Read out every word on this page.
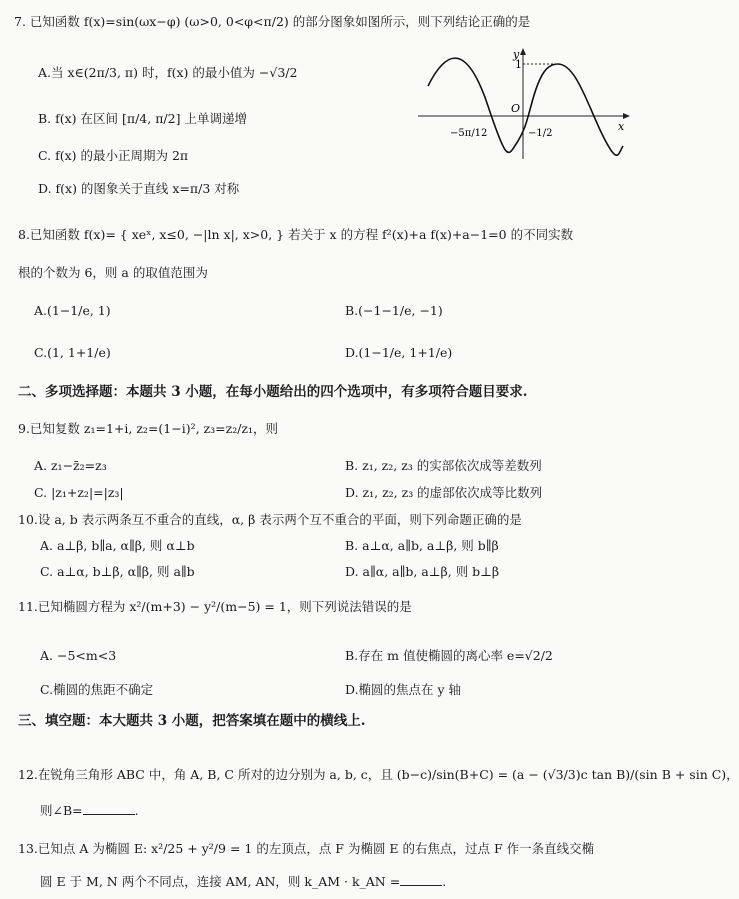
7. 已知函数 f(x)=sin(ωx−φ) (ω>0, 0<φ<π/2) 的部分图象如图所示，则下列结论正确的是
A.当 x∈(2π/3, π) 时，f(x) 的最小值为 −√3/2
B. f(x) 在区间 [π/4, π/2] 上单调递增
C. f(x) 的最小正周期为 2π
D. f(x) 的图象关于直线 x=π/3 对称
y
x
O
1
−5π/12	−1/2
8.已知函数 f(x)= { xeˣ, x≤0, −|ln x|, x>0, } 若关于 x 的方程 f²(x)+a f(x)+a−1=0 的不同实数
根的个数为 6，则 a 的取值范围为
A.(1−1/e, 1)	B.(−1−1/e, −1)
C.(1, 1+1/e)	D.(1−1/e, 1+1/e)
二、多项选择题：本题共 3 小题，在每小题给出的四个选项中，有多项符合题目要求.
9.已知复数 z₁=1+i, z₂=(1−i)², z₃=z₂/z₁，则
A. z₁−z̄₂=z₃	B. z₁, z₂, z₃ 的实部依次成等差数列
C. |z₁+z₂|=|z₃|	D. z₁, z₂, z₃ 的虚部依次成等比数列
10.设 a, b 表示两条互不重合的直线，α, β 表示两个互不重合的平面，则下列命题正确的是
A. a⊥β, b∥a, α∥β, 则 α⊥b	B. a⊥α, a∥b, a⊥β, 则 b∥β
C. a⊥α, b⊥β, α∥β, 则 a∥b	D. a∥α, a∥b, a⊥β, 则 b⊥β
11.已知椭圆方程为 x²/(m+3) − y²/(m−5) = 1，则下列说法错误的是
A. −5<m<3	B.存在 m 值使椭圆的离心率 e=√2/2
C.椭圆的焦距不确定	D.椭圆的焦点在 y 轴
三、填空题：本大题共 3 小题，把答案填在题中的横线上.
12.在锐角三角形 ABC 中，角 A, B, C 所对的边分别为 a, b, c，且 (b−c)/sin(B+C) = (a − (√3/3)c tan B)/(sin B + sin C)，
则∠B=	.
13.已知点 A 为椭圆 E: x²/25 + y²/9 = 1 的左顶点，点 F 为椭圆 E 的右焦点，过点 F 作一条直线交椭
圆 E 于 M, N 两个不同点，连接 AM, AN，则 k_AM · k_AN =	.
